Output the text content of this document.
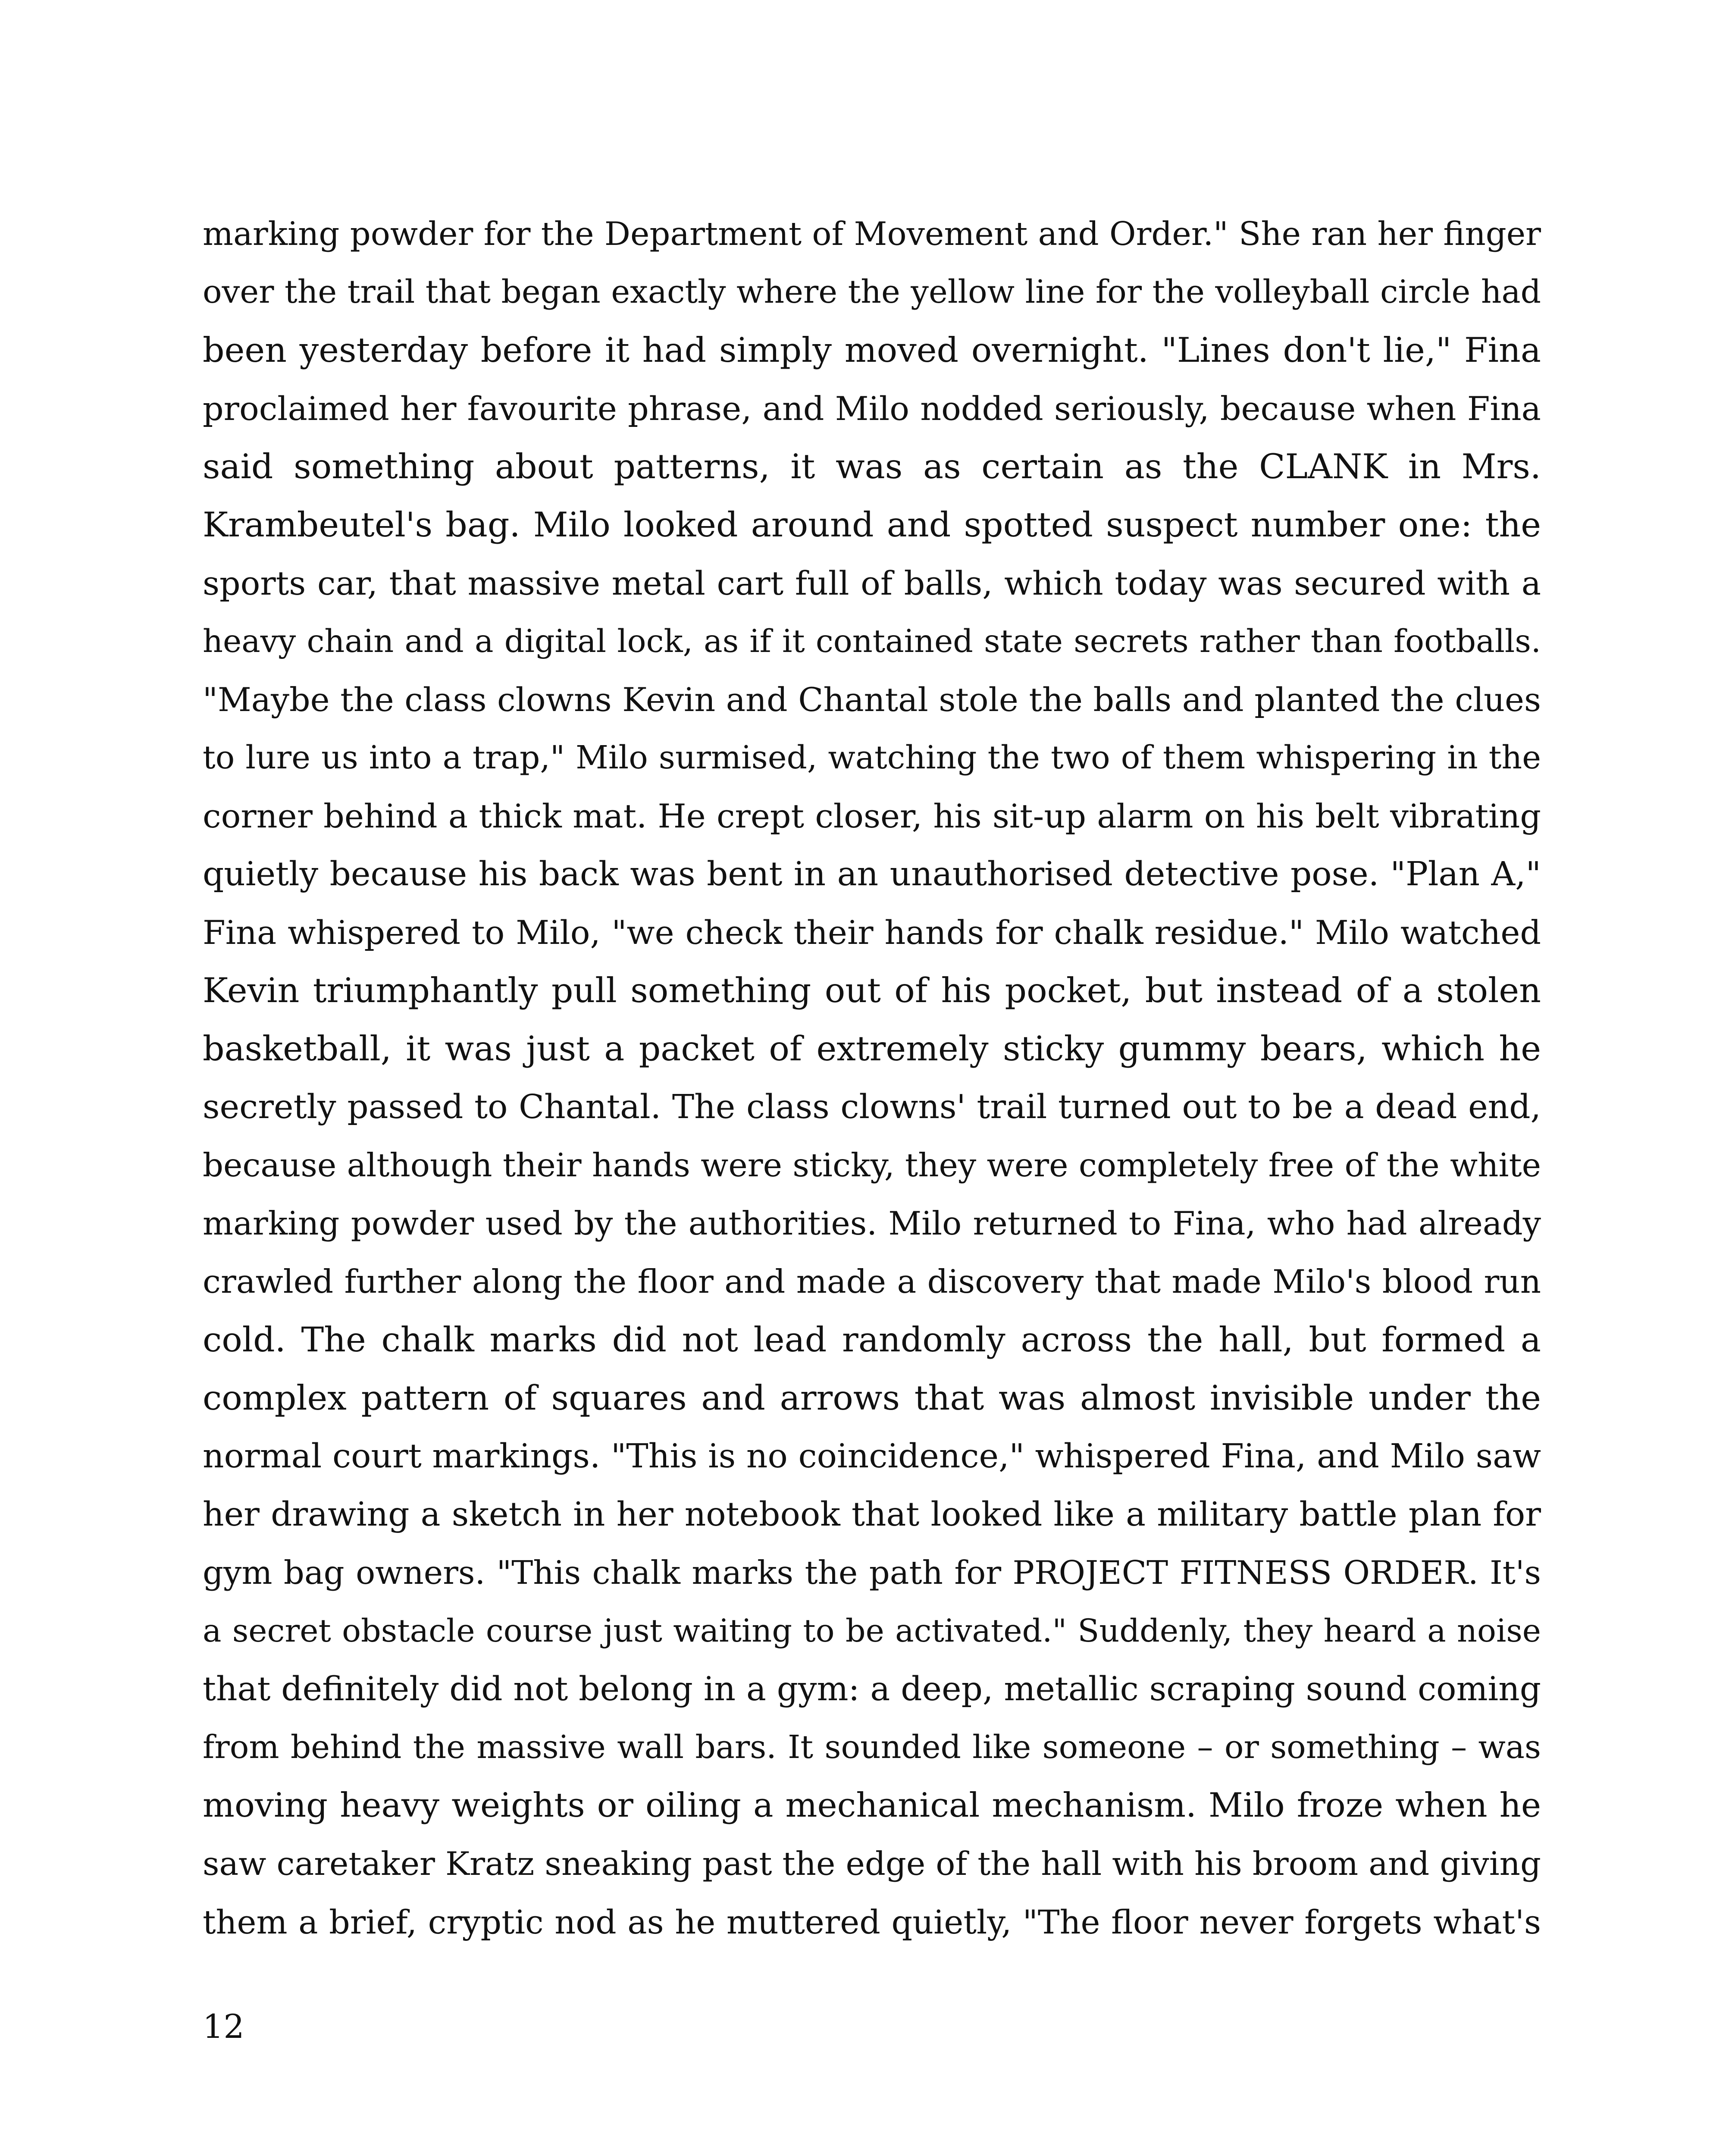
marking powder for the Department of Movement and Order." She ran her finger
over the trail that began exactly where the yellow line for the volleyball circle had
been yesterday before it had simply moved overnight. "Lines don't lie," Fina
proclaimed her favourite phrase, and Milo nodded seriously, because when Fina
said something about patterns, it was as certain as the CLANK in Mrs.
Krambeutel's bag. Milo looked around and spotted suspect number one: the
sports car, that massive metal cart full of balls, which today was secured with a
heavy chain and a digital lock, as if it contained state secrets rather than footballs.
"Maybe the class clowns Kevin and Chantal stole the balls and planted the clues
to lure us into a trap," Milo surmised, watching the two of them whispering in the
corner behind a thick mat. He crept closer, his sit-up alarm on his belt vibrating
quietly because his back was bent in an unauthorised detective pose. "Plan A,"
Fina whispered to Milo, "we check their hands for chalk residue." Milo watched
Kevin triumphantly pull something out of his pocket, but instead of a stolen
basketball, it was just a packet of extremely sticky gummy bears, which he
secretly passed to Chantal. The class clowns' trail turned out to be a dead end,
because although their hands were sticky, they were completely free of the white
marking powder used by the authorities. Milo returned to Fina, who had already
crawled further along the floor and made a discovery that made Milo's blood run
cold. The chalk marks did not lead randomly across the hall, but formed a
complex pattern of squares and arrows that was almost invisible under the
normal court markings. "This is no coincidence," whispered Fina, and Milo saw
her drawing a sketch in her notebook that looked like a military battle plan for
gym bag owners. "This chalk marks the path for PROJECT FITNESS ORDER. It's
a secret obstacle course just waiting to be activated." Suddenly, they heard a noise
that definitely did not belong in a gym: a deep, metallic scraping sound coming
from behind the massive wall bars. It sounded like someone – or something – was
moving heavy weights or oiling a mechanical mechanism. Milo froze when he
saw caretaker Kratz sneaking past the edge of the hall with his broom and giving
them a brief, cryptic nod as he muttered quietly, "The floor never forgets what's
12
